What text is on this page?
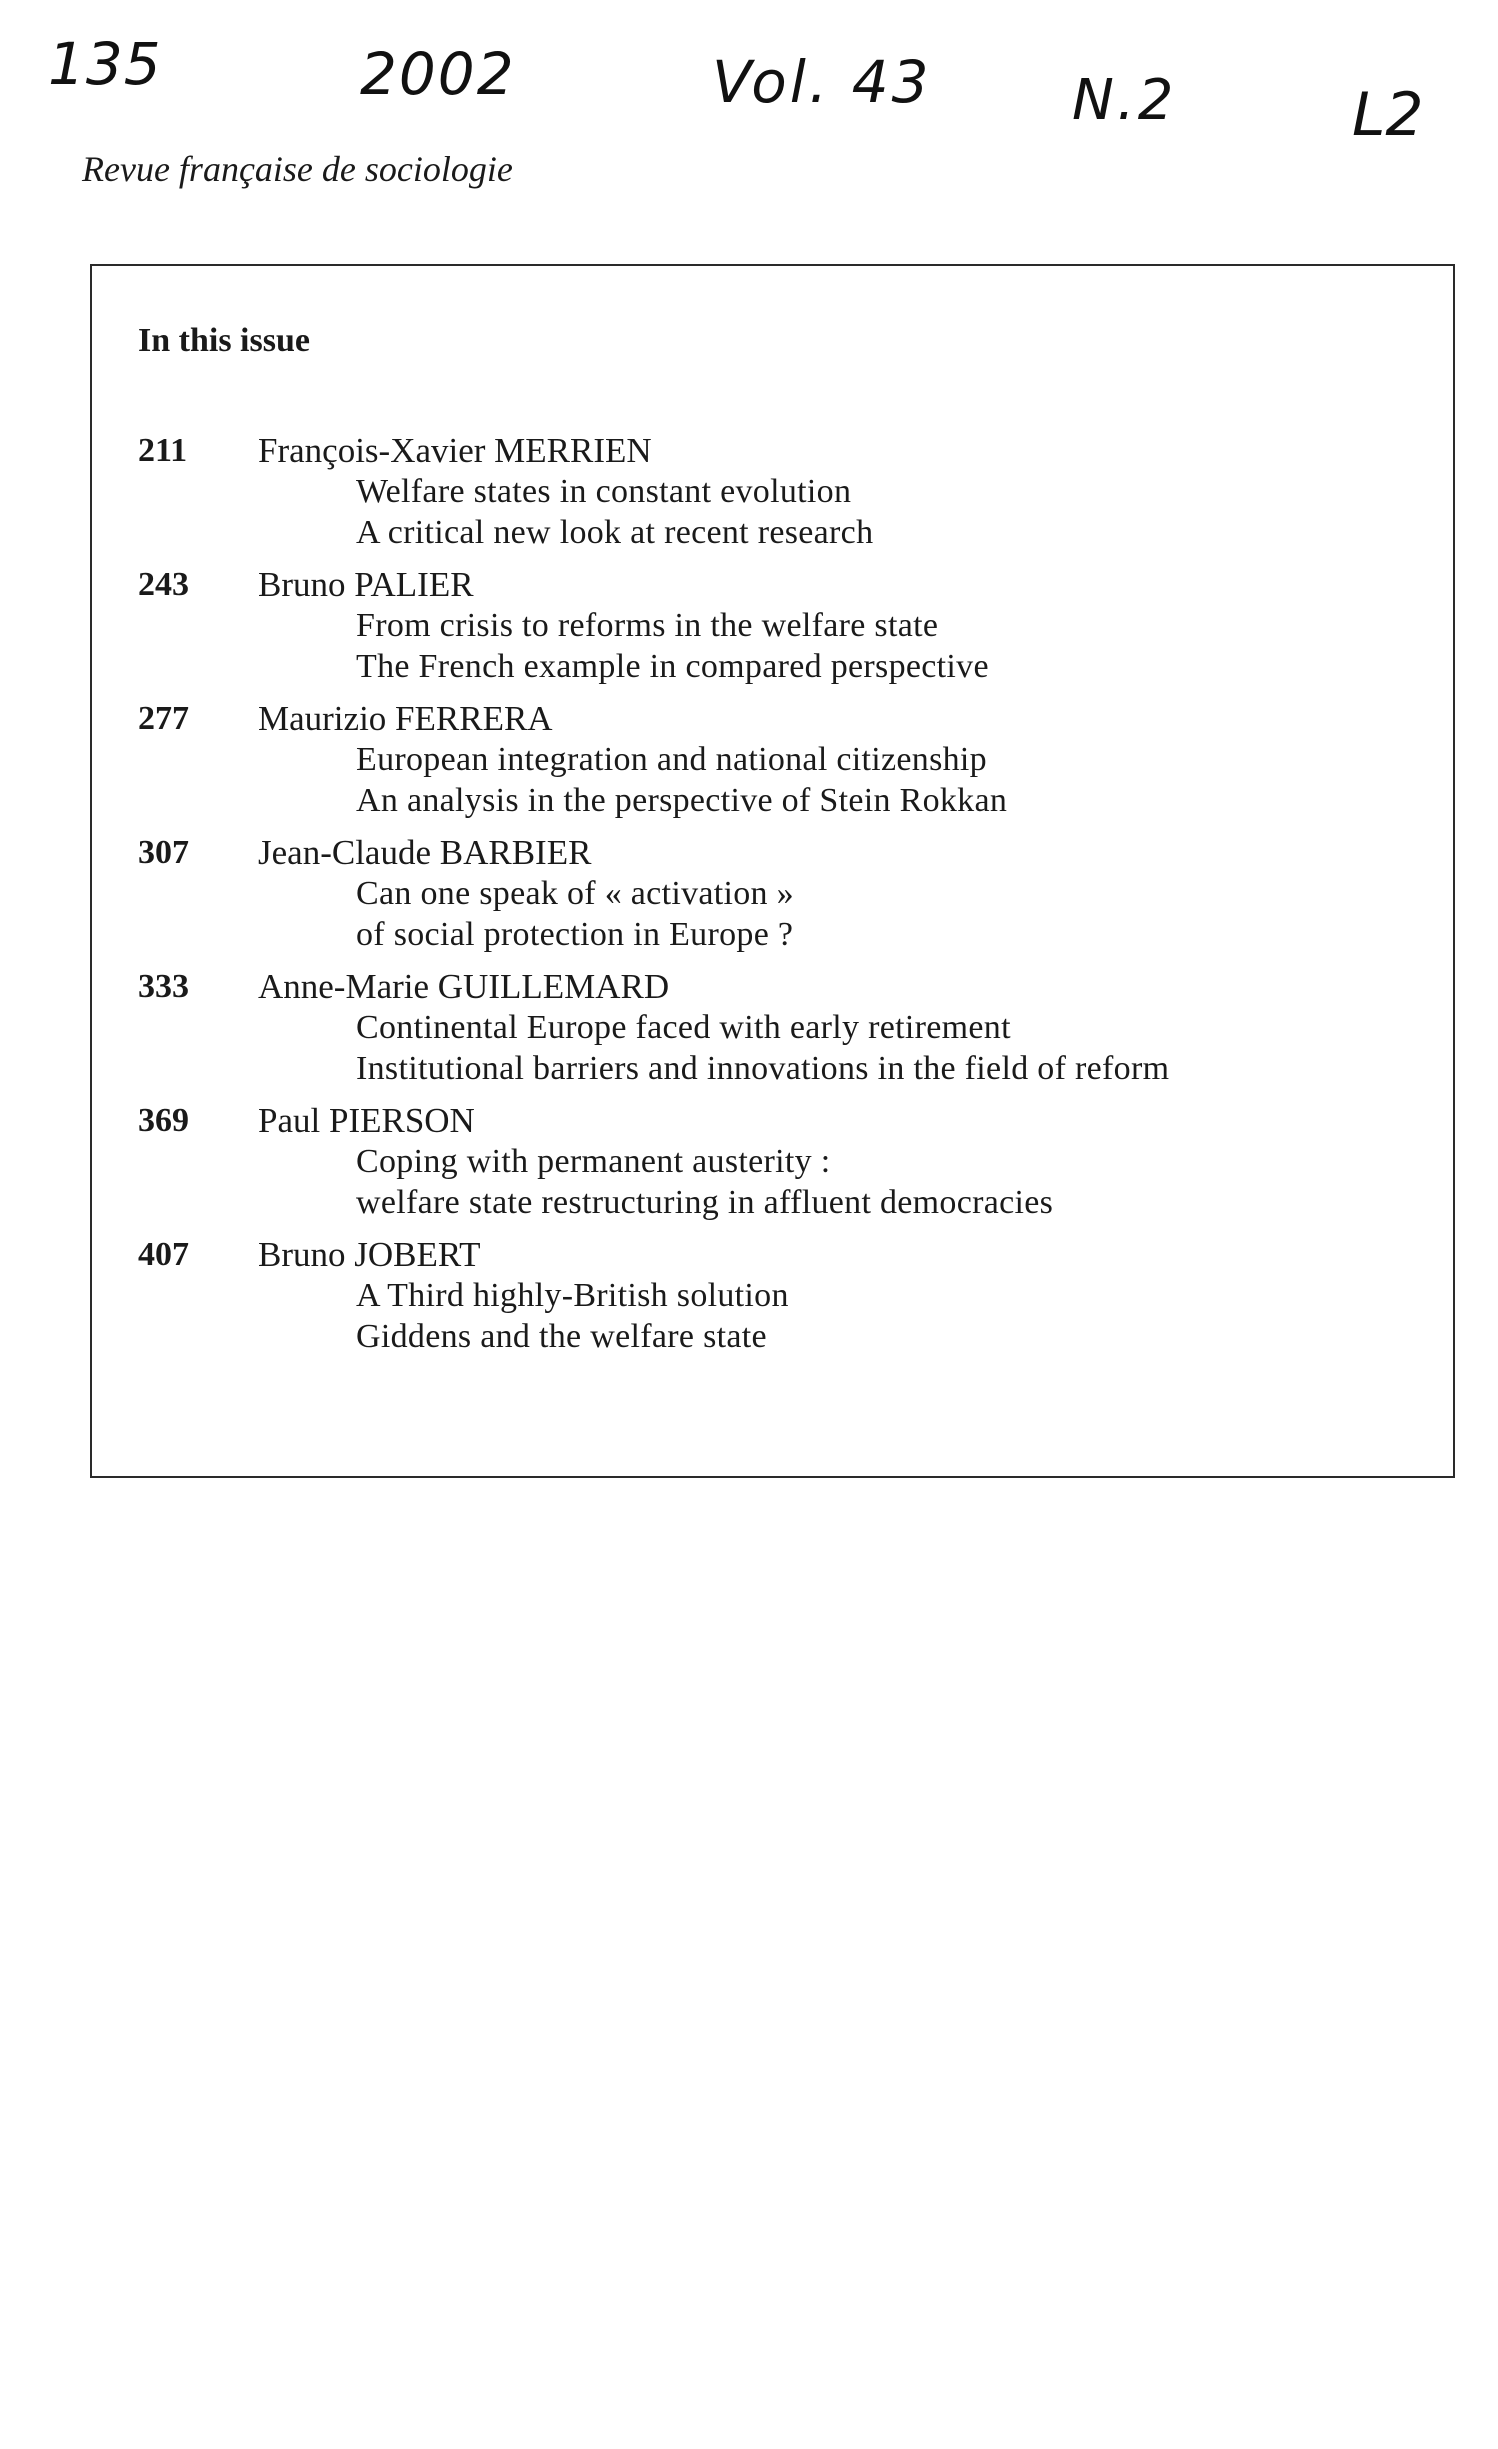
135	2002	Vol. 43	N.2	L2
Revue française de sociologie
In this issue
211	François-Xavier MERRIEN
Welfare states in constant evolution
A critical new look at recent research
243	Bruno PALIER
From crisis to reforms in the welfare state
The French example in compared perspective
277	Maurizio FERRERA
European integration and national citizenship
An analysis in the perspective of Stein Rokkan
307	Jean-Claude BARBIER
Can one speak of « activation »
of social protection in Europe ?
333	Anne-Marie GUILLEMARD
Continental Europe faced with early retirement
Institutional barriers and innovations in the field of reform
369	Paul PIERSON
Coping with permanent austerity :
welfare state restructuring in affluent democracies
407	Bruno JOBERT
A Third highly-British solution
Giddens and the welfare state
